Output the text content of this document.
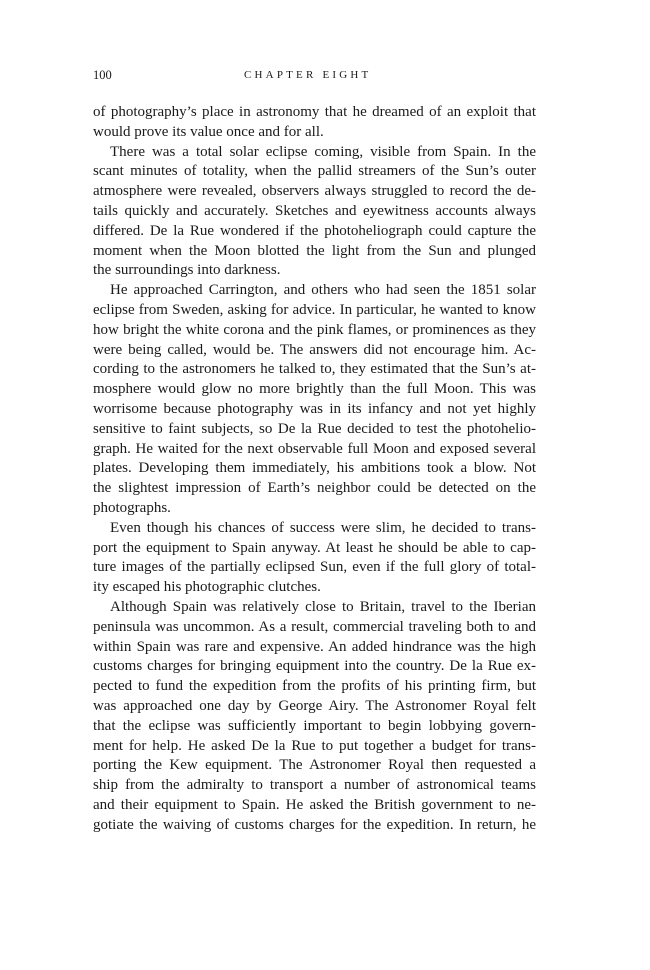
100	CHAPTER EIGHT
of photography’s place in astronomy that he dreamed of an exploit that
would prove its value once and for all.
There was a total solar eclipse coming, visible from Spain. In the
scant minutes of totality, when the pallid streamers of the Sun’s outer
atmosphere were revealed, observers always struggled to record the de-
tails quickly and accurately. Sketches and eyewitness accounts always
differed. De la Rue wondered if the photoheliograph could capture the
moment when the Moon blotted the light from the Sun and plunged
the surroundings into darkness.
He approached Carrington, and others who had seen the 1851 solar
eclipse from Sweden, asking for advice. In particular, he wanted to know
how bright the white corona and the pink flames, or prominences as they
were being called, would be. The answers did not encourage him. Ac-
cording to the astronomers he talked to, they estimated that the Sun’s at-
mosphere would glow no more brightly than the full Moon. This was
worrisome because photography was in its infancy and not yet highly
sensitive to faint subjects, so De la Rue decided to test the photohelio-
graph. He waited for the next observable full Moon and exposed several
plates. Developing them immediately, his ambitions took a blow. Not
the slightest impression of Earth’s neighbor could be detected on the
photographs.
Even though his chances of success were slim, he decided to trans-
port the equipment to Spain anyway. At least he should be able to cap-
ture images of the partially eclipsed Sun, even if the full glory of total-
ity escaped his photographic clutches.
Although Spain was relatively close to Britain, travel to the Iberian
peninsula was uncommon. As a result, commercial traveling both to and
within Spain was rare and expensive. An added hindrance was the high
customs charges for bringing equipment into the country. De la Rue ex-
pected to fund the expedition from the profits of his printing firm, but
was approached one day by George Airy. The Astronomer Royal felt
that the eclipse was sufficiently important to begin lobbying govern-
ment for help. He asked De la Rue to put together a budget for trans-
porting the Kew equipment. The Astronomer Royal then requested a
ship from the admiralty to transport a number of astronomical teams
and their equipment to Spain. He asked the British government to ne-
gotiate the waiving of customs charges for the expedition. In return, he
